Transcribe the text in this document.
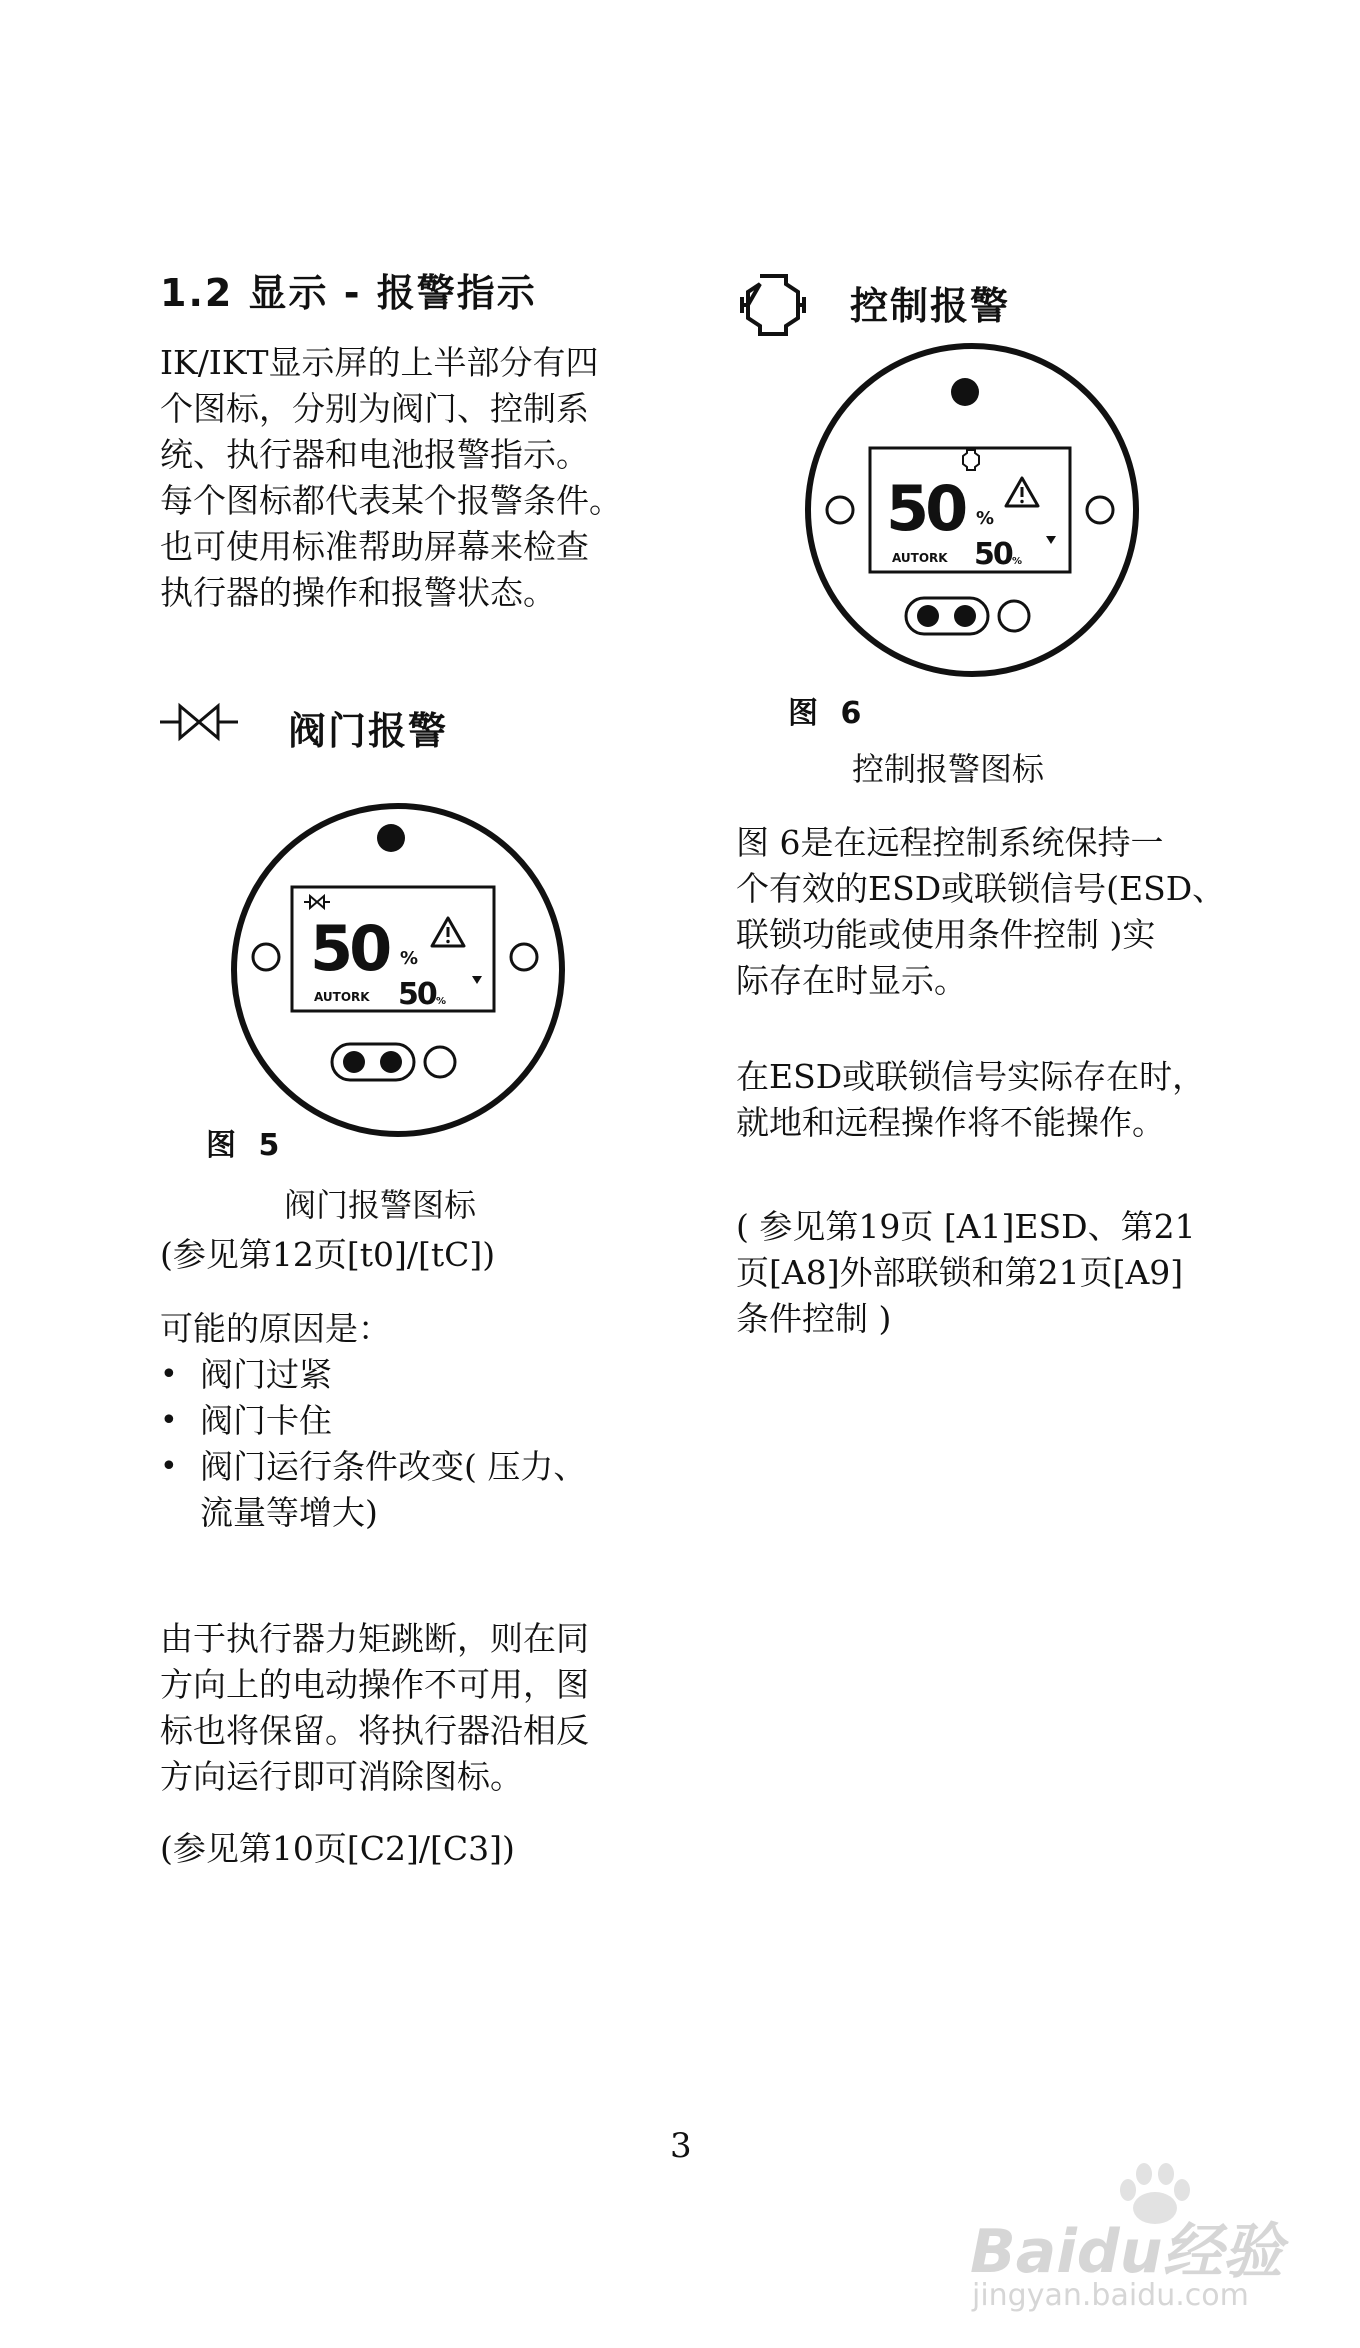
1.2 显示 - 报警指示
IK/IKT显示屏的上半部分有四
个图标，分别为阀门、控制系
统、执行器和电池报警指示。
每个图标都代表某个报警条件。
也可使用标准帮助屏幕来检查
执行器的操作和报警状态。
阀门报警
50 %
AUTORK 50 %
图 5
阀门报警图标
(参见第12页[t0]/[tC])
可能的原因是：
• 阀门过紧
• 阀门卡住
• 阀门运行条件改变( 压力、
流量等增大)
由于执行器力矩跳断，则在同
方向上的电动操作不可用，图
标也将保留。将执行器沿相反
方向运行即可消除图标。
(参见第10页[C2]/[C3])
控制报警
50 %
AUTORK 50 %
图 6
控制报警图标
图 6是在远程控制系统保持一
个有效的ESD或联锁信号(ESD、
联锁功能或使用条件控制 )实
际存在时显示。
在ESD或联锁信号实际存在时，
就地和远程操作将不能操作。
( 参见第19页 [A1]ESD、第21
页[A8]外部联锁和第21页[A9]
条件控制 )
3
Baidu经验
jingyan.baidu.com
